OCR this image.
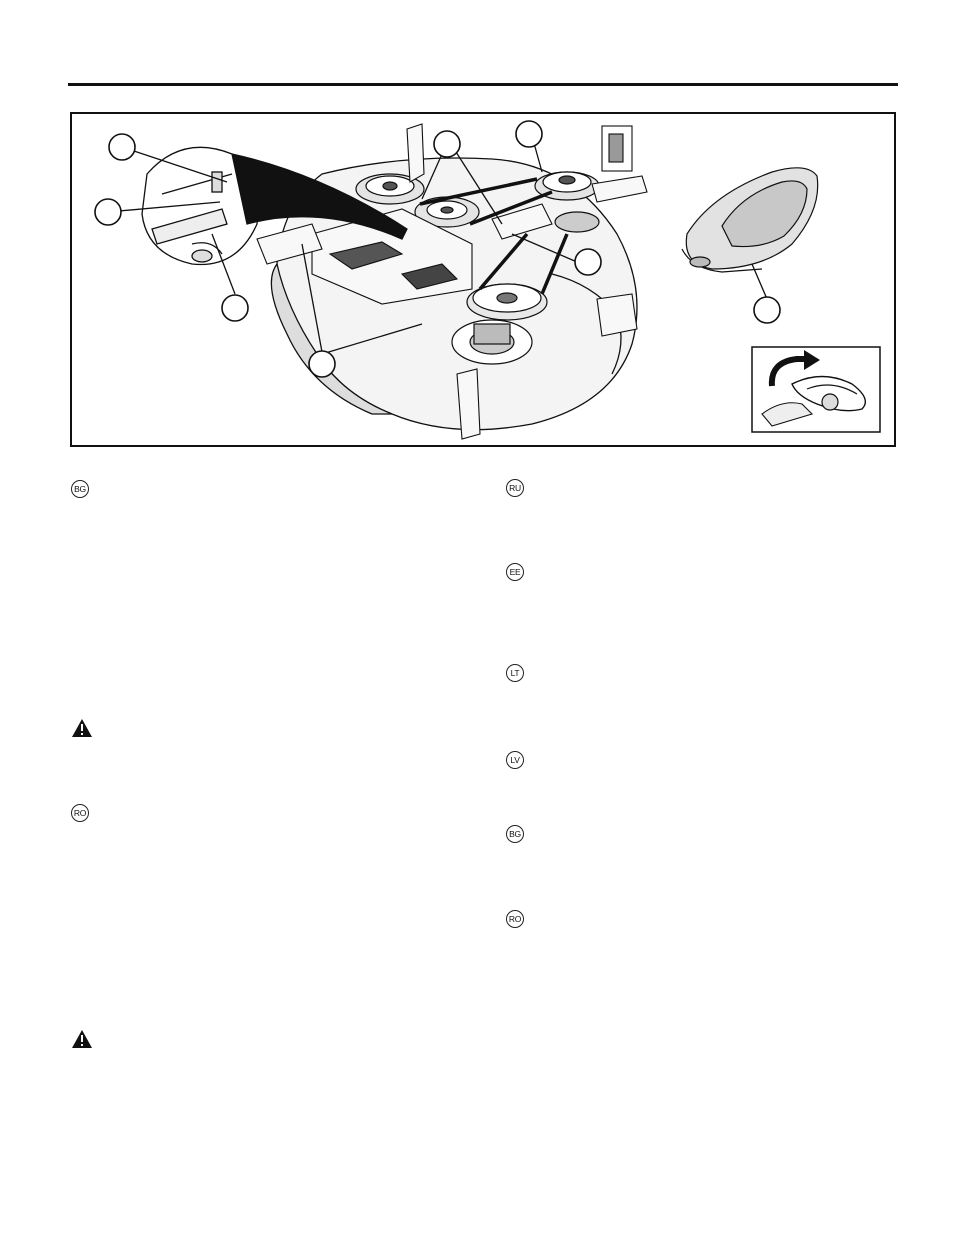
BG
RO
RU
EE
LT
LV
BG
RO
